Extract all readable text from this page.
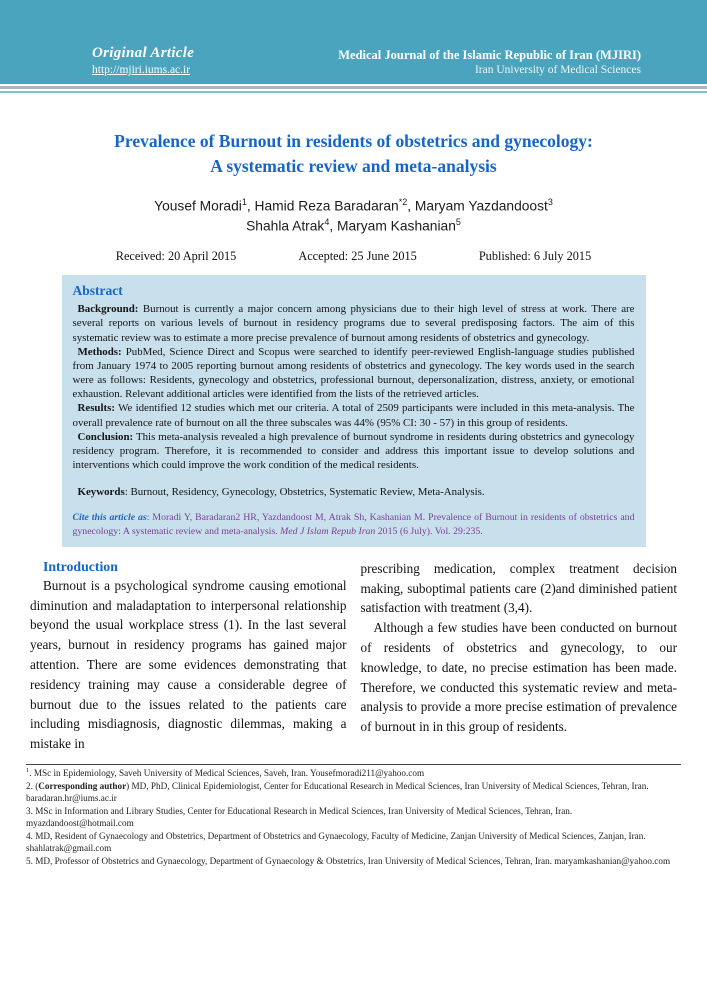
Original Article
http://mjiri.iums.ac.ir
Medical Journal of the Islamic Republic of Iran (MJIRI)
Iran University of Medical Sciences
Prevalence of Burnout in residents of obstetrics and gynecology:
A systematic review and meta-analysis
Yousef Moradi$^1$, Hamid Reza Baradaran$^{*2}$, Maryam Yazdandoost$^3$
Shahla Atrak$^4$, Maryam Kashanian$^5$
Received: 20 April 2015	Accepted: 25 June 2015	Published: 6 July 2015
Abstract

Background: Burnout is currently a major concern among physicians due to their high level of stress at work. There are several reports on various levels of burnout in residency programs due to several predisposing factors. The aim of this systematic review was to estimate a more precise prevalence of burnout among residents of obstetrics and gynecology.

Methods: PubMed, Science Direct and Scopus were searched to identify peer-reviewed English-language studies published from January 1974 to 2005 reporting burnout among residents of obstetrics and gynecology. The key words used in the search were as follows: Residents, gynecology and obstetrics, professional burnout, depersonalization, distress, anxiety, or emotional exhaustion. Relevant additional articles were identified from the lists of the retrieved articles.

Results: We identified 12 studies which met our criteria. A total of 2509 participants were included in this meta-analysis. The overall prevalence rate of burnout on all the three subscales was 44% (95% CI: 30 - 57) in this group of residents.

Conclusion: This meta-analysis revealed a high prevalence of burnout syndrome in residents during obstetrics and gynecology residency program. Therefore, it is recommended to consider and address this important issue to develop solutions and interventions which could improve the work condition of the medical residents.

Keywords: Burnout, Residency, Gynecology, Obstetrics, Systematic Review, Meta-Analysis.

Cite this article as: Moradi Y, Baradaran2 HR, Yazdandoost M, Atrak Sh, Kashanian M. Prevalence of Burnout in residents of obstetrics and gynecology: A systematic review and meta-analysis. Med J Islam Repub Iran 2015 (6 July). Vol. 29:235.

Introduction

Burnout is a psychological syndrome causing emotional diminution and maladaptation to interpersonal relationship beyond the usual workplace stress (1). In the last several years, burnout in residency programs has gained major attention. There are some evidences demonstrating that residency training may cause a considerable degree of burnout due to the issues related to the patients care including misdiagnosis, diagnostic dilemmas, making a mistake in

prescribing medication, complex treatment decision making, suboptimal patients care (2)and diminished patient satisfaction with treatment (3,4).

Although a few studies have been conducted on burnout of residents of obstetrics and gynecology, to our knowledge, to date, no precise estimation has been made. Therefore, we conducted this systematic review and meta-analysis to provide a more precise estimation of prevalence of burnout in in this group of residents.

$^1$. MSc in Epidemiology, Saveh University of Medical Sciences, Saveh, Iran. Yousefmoradi211@yahoo.com

2. (Corresponding author) MD, PhD, Clinical Epidemiologist, Center for Educational Research in Medical Sciences, Iran University of Medical Sciences, Tehran, Iran. baradaran.hr@iums.ac.ir

3. MSc in Information and Library Studies, Center for Educational Research in Medical Sciences, Iran University of Medical Sciences, Tehran, Iran. myazdandoost@hotmail.com

4. MD, Resident of Gynaecology and Obstetrics, Department of Obstetrics and Gynaecology, Faculty of Medicine, Zanjan University of Medical Sciences, Zanjan, Iran. shahlatrak@gmail.com

5. MD, Professor of Obstetrics and Gynaecology, Department of Gynaecology & Obstetrics, Iran University of Medical Sciences, Tehran, Iran. maryamkashanian@yahoo.com
